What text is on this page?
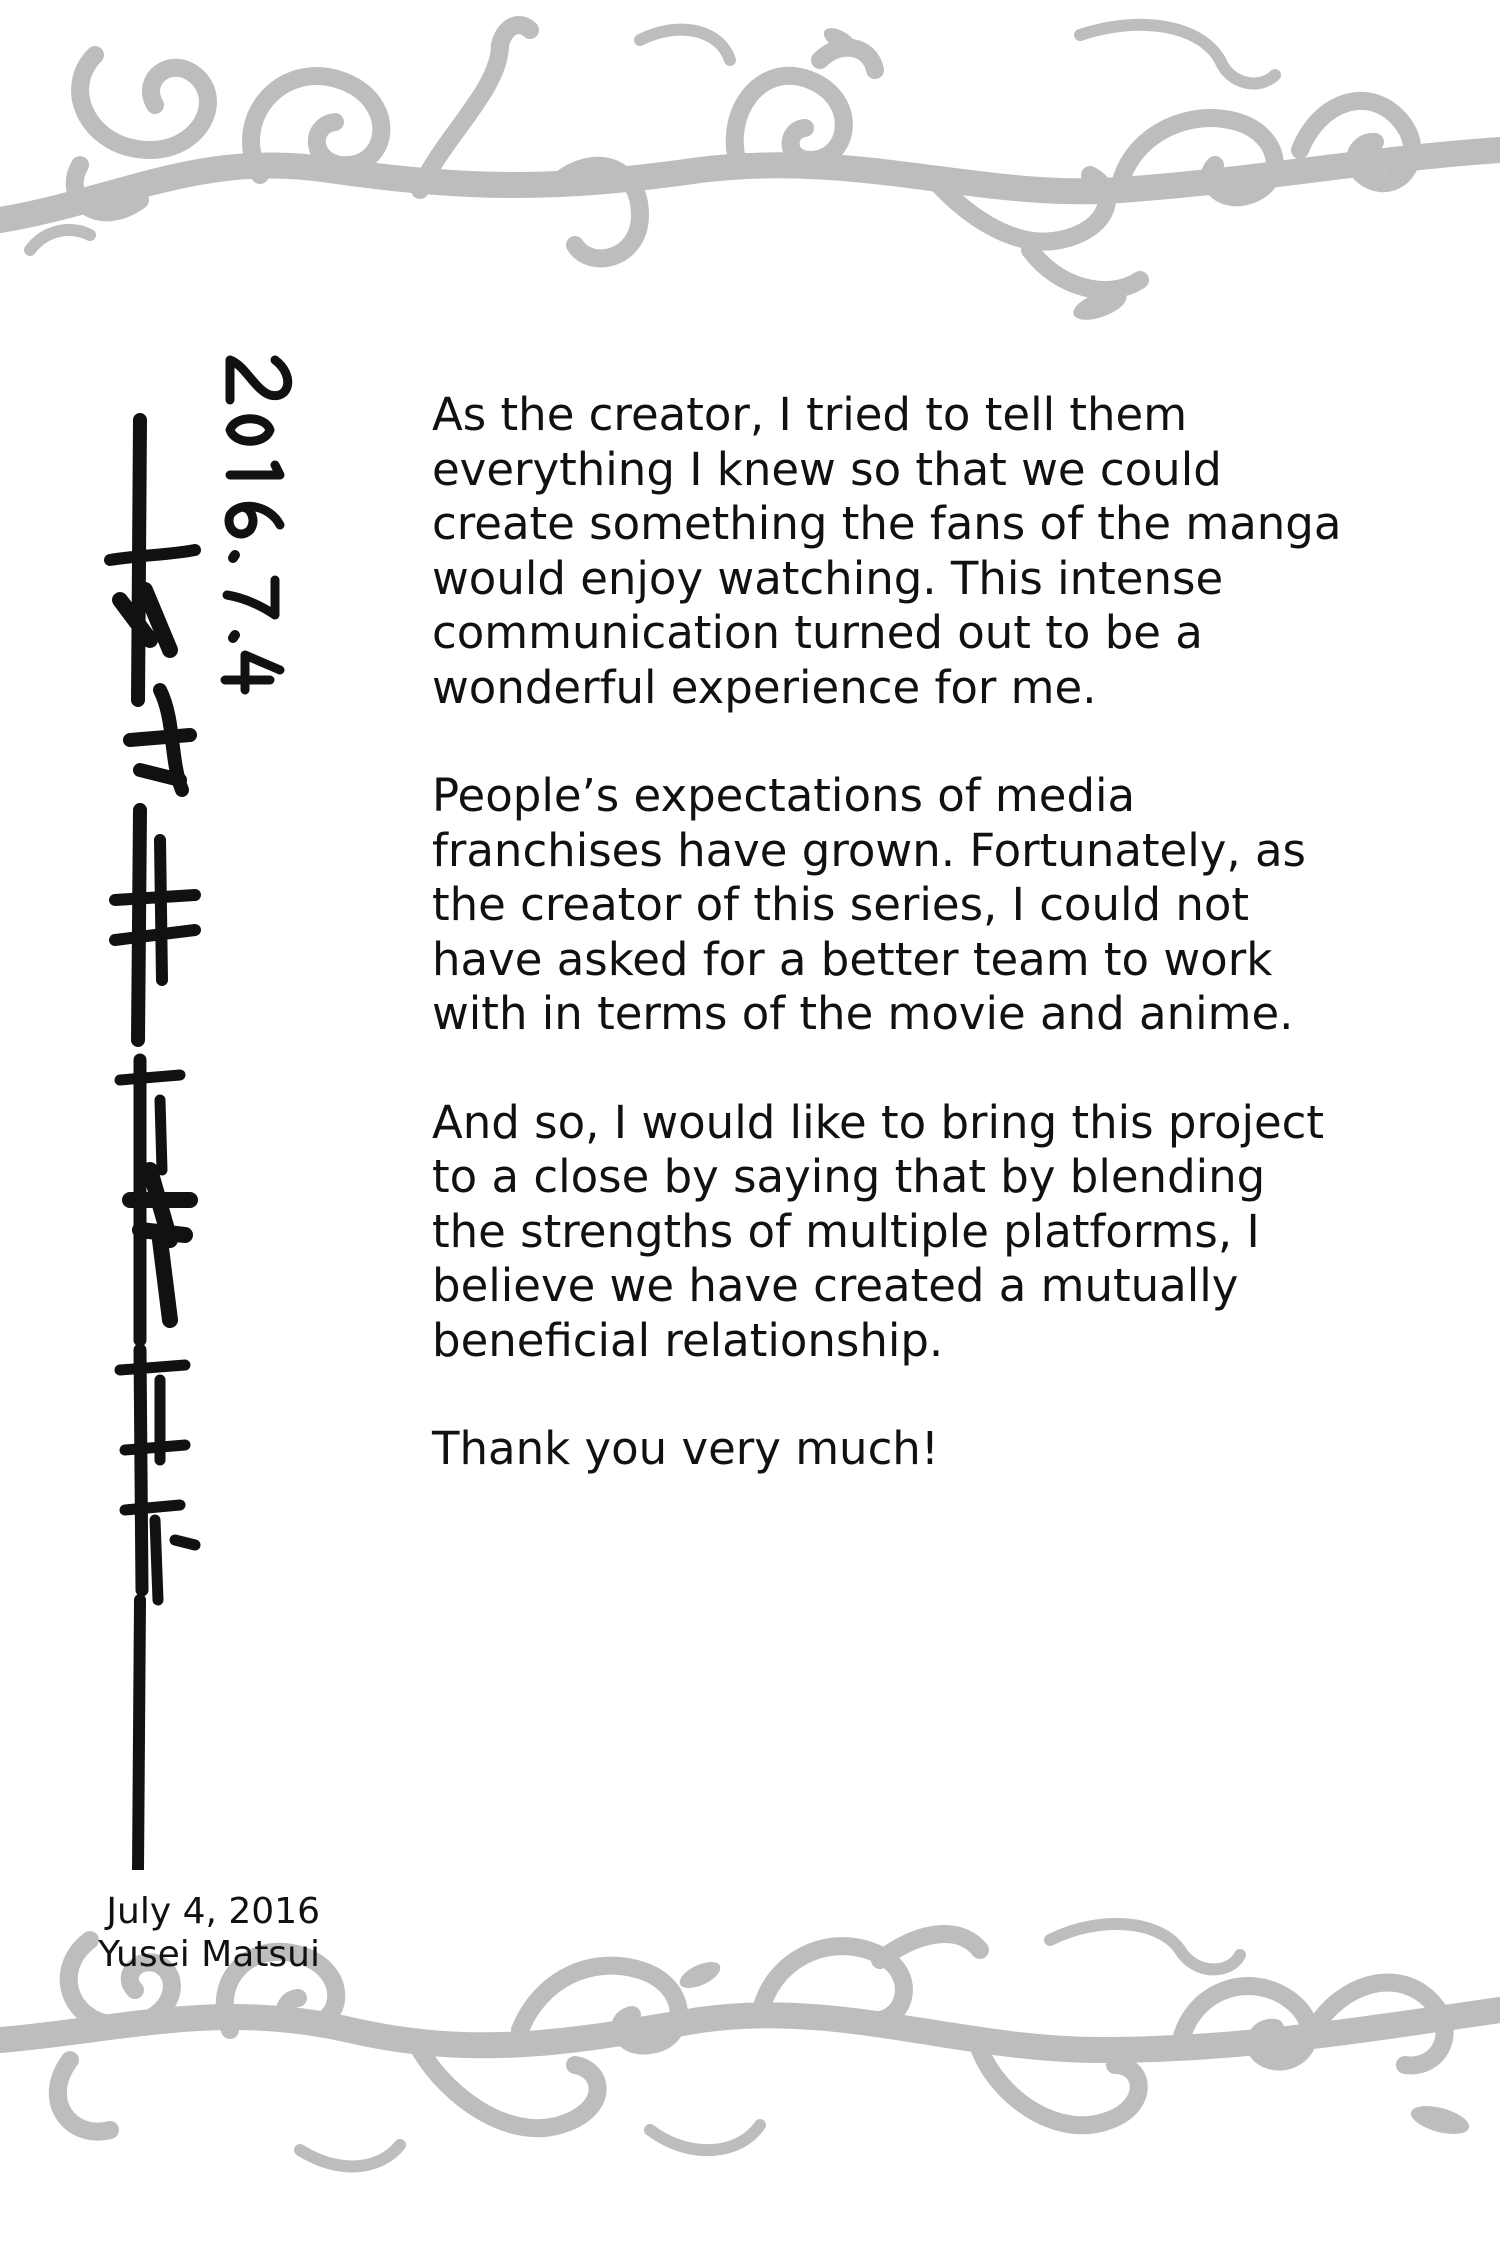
As the creator, I tried to tell them
everything I knew so that we could
create something the fans of the manga
would enjoy watching. This intense
communication turned out to be a
wonderful experience for me.

People’s expectations of media
franchises have grown. Fortunately, as
the creator of this series, I could not
have asked for a better team to work
with in terms of the movie and anime.

And so, I would like to bring this project
to a close by saying that by blending
the strengths of multiple platforms, I
believe we have created a mutually
beneficial relationship.

Thank you very much!

July 4, 2016
Yusei Matsui
